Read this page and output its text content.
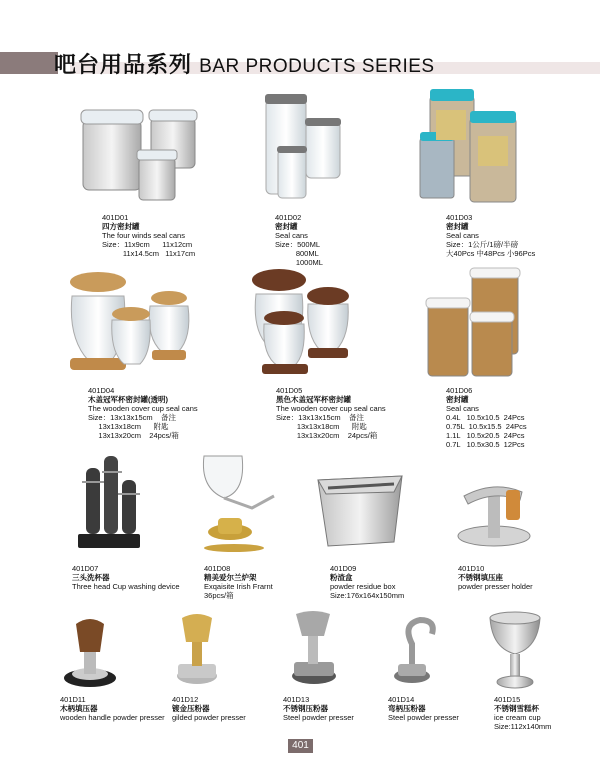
吧台用品系列 BAR PRODUCTS SERIES
401D01
四方密封罐
The four winds seal cans
Size：11x9cm      11x12cm
11x14.5cm   11x17cm
401D02
密封罐
Seal cans
Size：500ML
800ML
1000ML
401D03
密封罐
Seal cans
Size：1公斤/1磅/半磅
大40Pcs 中48Pcs 小96Pcs
401D04
木盖冠军杯密封罐(透明)
The wooden cover cup seal cans
Size：13x13x15cm    备注
13x13x18cm      附匙
13x13x20cm    24pcs/箱
401D05
黑色木盖冠军杯密封罐
The wooden cover cup seal cans
Size：13x13x15cm    备注
13x13x18cm      附匙
13x13x20cm    24pcs/箱
401D06
密封罐
Seal cans
0.4L   10.5x10.5  24Pcs
0.75L  10.5x15.5  24Pcs
1.1L   10.5x20.5  24Pcs
0.7L   10.5x30.5  12Pcs
401D07
三头洗杯器
Three head Cup washing device
401D08
精美爱尔兰炉架
Exqaisite Irish Frarnt
36pcs/箱
401D09
粉渣盒
powder residue box
Size:176x164x150mm
401D10
不锈钢填压座
powder presser holder
401D11
木柄填压器
wooden handle powder presser
401D12
镀金压粉器
gilded powder presser
401D13
不锈钢压粉器
Steel powder presser
401D14
弯柄压粉器
Steel powder presser
401D15
不锈钢雪糕杯
ice cream cup
Size:112x140mm
401
